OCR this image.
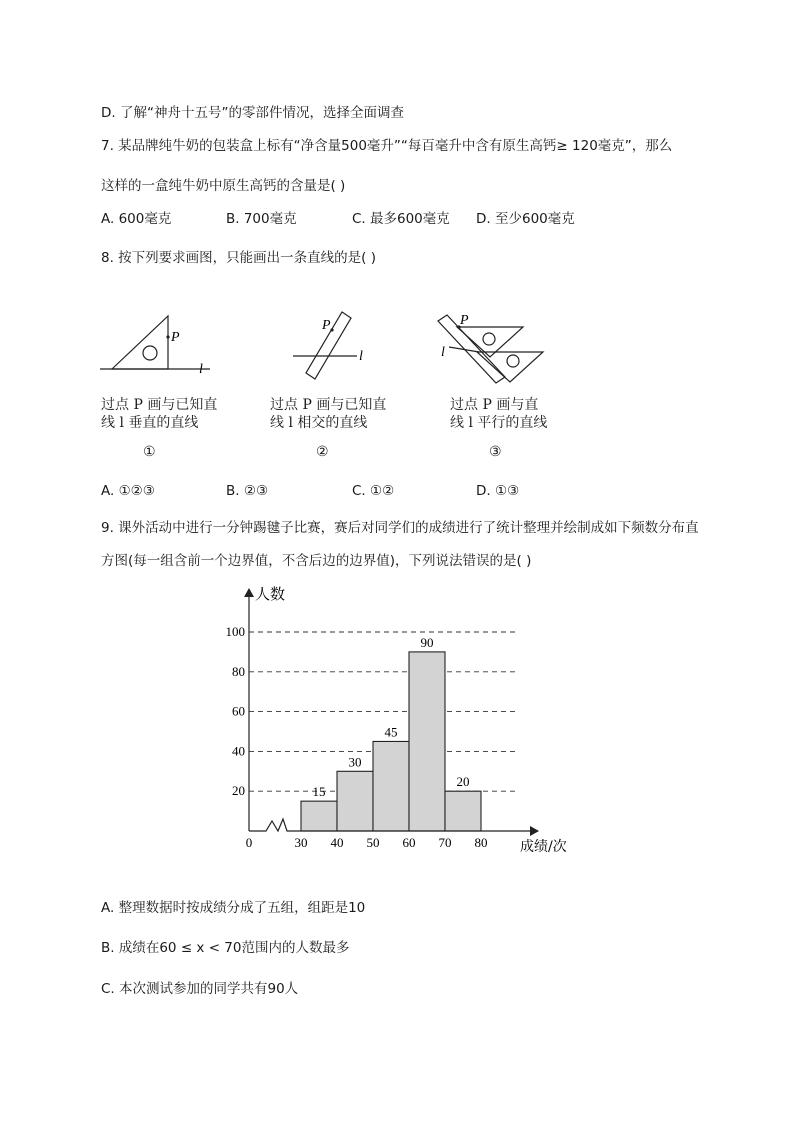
D. 了解“神舟十五号”的零部件情况，选择全面调查
7. 某品牌纯牛奶的包装盒上标有“净含量500毫升”“每百毫升中含有原生高钙≥ 120毫克”，那么
这样的一盒纯牛奶中原生高钙的含量是( )
A. 600毫克	B. 700毫克	C. 最多600毫克 D. 至少600毫克
8. 按下列要求画图，只能画出一条直线的是( )
P
l
过点 P 画与已知直
线 l 垂直的直线
①
P
l
过点 P 画与已知直
线 l 相交的直线
②
P
l
过点 P 画与直
线 l 平行的直线
③
A. ①②③	B. ②③	C. ①②	D. ①③
9. 课外活动中进行一分钟踢毽子比赛，赛后对同学们的成绩进行了统计整理并绘制成如下频数分布直
方图(每一组含前一个边界值，不含后边的边界值)，下列说法错误的是( )
人数
成绩/次
20
40
60
80
100
0	30 40 50 60 70 80
15
30
45
90
20
A. 整理数据时按成绩分成了五组，组距是10
B. 成绩在60 ≤ x < 70范围内的人数最多
C. 本次测试参加的同学共有90人
